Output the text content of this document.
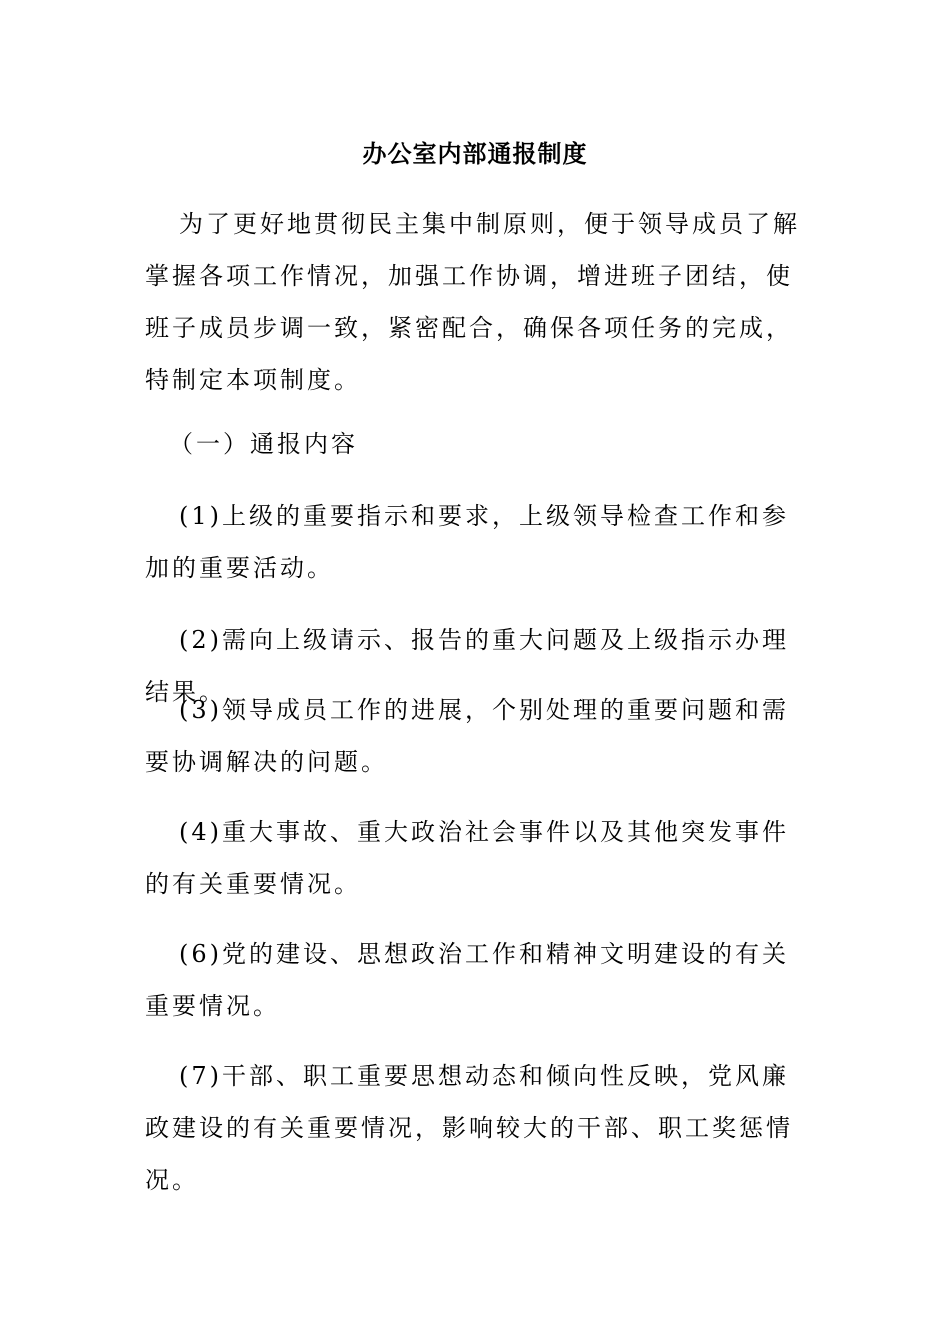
办公室内部通报制度

为了更好地贯彻民主集中制原则，便于领导成员了解掌握各项工作情况，加强工作协调，增进班子团结，使班子成员步调一致，紧密配合，确保各项任务的完成，特制定本项制度。

（一）通报内容

(1)上级的重要指示和要求，上级领导检查工作和参加的重要活动。

(2)需向上级请示、报告的重大问题及上级指示办理结果。

(3)领导成员工作的进展，个别处理的重要问题和需要协调解决的问题。

(4)重大事故、重大政治社会事件以及其他突发事件的有关重要情况。

(6)党的建设、思想政治工作和精神文明建设的有关重要情况。

(7)干部、职工重要思想动态和倾向性反映，党风廉政建设的有关重要情况，影响较大的干部、职工奖惩情况。
